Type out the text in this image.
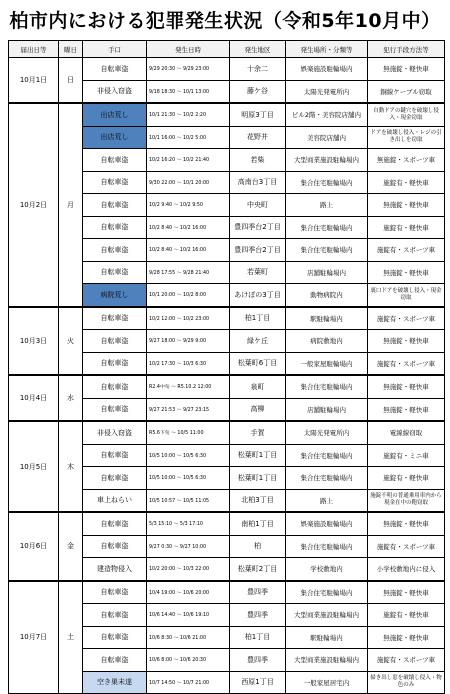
柏市内における犯罪発生状況（令和5年10月中）
届出日等	曜日	手口	発生日時	発生地区	発生場所・分類等	犯行手段方法等
10月1日	日	自転車盗	9/29 20:30 ～ 9/29 23:00	十余二	娯楽施設駐輪場内	無施錠・軽快車
		非侵入窃盗	9/18 18:30 ～ 10/1 13:00	藤ケ谷	太陽光発電所内	銅線ケーブル窃取
10月2日	月	出店荒し	10/1 21:30 ～ 10/2 2:20	明原3丁目	ビル2階・美容院店舗内	自動ドアの鍵穴を破壊し侵入・現金窃取
		出店荒し	10/1 16:00 ～ 10/2 5:00	花野井	美容院店舗内	ドアを破壊し侵入・レジの引き出しを窃取
		自転車盗	10/2 16:20 ～ 10/2 21:40	若柴	大型商業施設駐輪場内	無施錠・スポーツ車
		自転車盗	9/30 22:00 ～ 10/1 20:00	高南台3丁目	集合住宅駐輪場内	施錠有・軽快車
		自転車盗	10/2 9:40 ～ 10/2 9:50	中央町	路上	無施錠・軽快車
		自転車盗	10/2 8:40 ～ 10/2 16:00	豊四季台2丁目	集合住宅駐輪場内	施錠有・軽快車
		自転車盗	10/2 8:40 ～ 10/2 16:00	豊四季台2丁目	集合住宅駐輪場内	施錠有・スポーツ車
		自転車盗	9/28 17:55 ～ 9/28 21:40	若葉町	店舗駐輪場内	無施錠・軽快車
		病院荒し	10/1 20:00 ～ 10/2 8:00	あけぼの3丁目	動物病院内	裏口ドアを破壊し侵入・現金窃取
10月3日	火	自転車盗	10/2 12:00 ～ 10/2 23:00	柏1丁目	駅駐輪場内	施錠有・スポーツ車
		自転車盗	9/27 18:00 ～ 9/29 9:00	緑ケ丘	病院敷地内	無施錠・軽快車
		自転車盗	10/2 17:30 ～ 10/3 6:30	松葉町6丁目	一般家屋駐輪場内	施錠有・スポーツ車
10月4日	水	自転車盗	R2.4中旬 ～ R5.10.2 12:00	泉町	集合住宅駐輪場内	無施錠・軽快車
		自転車盗	9/27 21:53 ～ 9/27 23:15	高柳	店舗駐輪場内	無施錠・軽快車
10月5日	木	非侵入窃盗	R5.6下旬 ～ 10/5 11:00	手賀	太陽光発電所内	電線線窃取
		自転車盗	10/5 10:00 ～ 10/5 6:30	松葉町1丁目	集合住宅駐輪場内	施錠有・ミニ車
		自転車盗	10/5 10:00 ～ 10/5 6:30	松葉町1丁目	集合住宅駐輪場内	施錠有・軽快車
		車上ねらい	10/5 10:57 ～ 10/5 11:05	北柏3丁目	路上	施錠不明の普通乗用車内から現金在中の鞄窃取
10月6日	金	自転車盗	5/3 15:10 ～ 5/3 17:10	南柏1丁目	娯楽施設駐輪場内	無施錠・軽快車
		自転車盗	9/27 0:30 ～ 9/27 10:00	柏	集合住宅駐輪場内	施錠有・スポーツ車
		建造物侵入	10/2 20:00 ～ 10/3 22:00	松葉町2丁目	学校敷地内	小学校敷地内に侵入
10月7日	土	自転車盗	10/4 19:00 ～ 10/6 20:00	豊四季	集合住宅駐輪場内	無施錠・軽快車
		自転車盗	10/6 14:40 ～ 10/6 19:10	豊四季	大型商業施設駐輪場内	施錠有・軽快車
		自転車盗	10/6 8:30 ～ 10/6 21:00	柏1丁目	駅駐輪場内	無施錠・軽快車
		自転車盗	10/6 8:00 ～ 10/6 20:30	豊四季	大型商業施設駐輪場内	施錠有・スポーツ車
		空き巣未遂	10/7 14:50 ～ 10/7 21:00	西原1丁目	一般家屋居宅内	掃き出し窓を破壊し侵入・物色のみ
